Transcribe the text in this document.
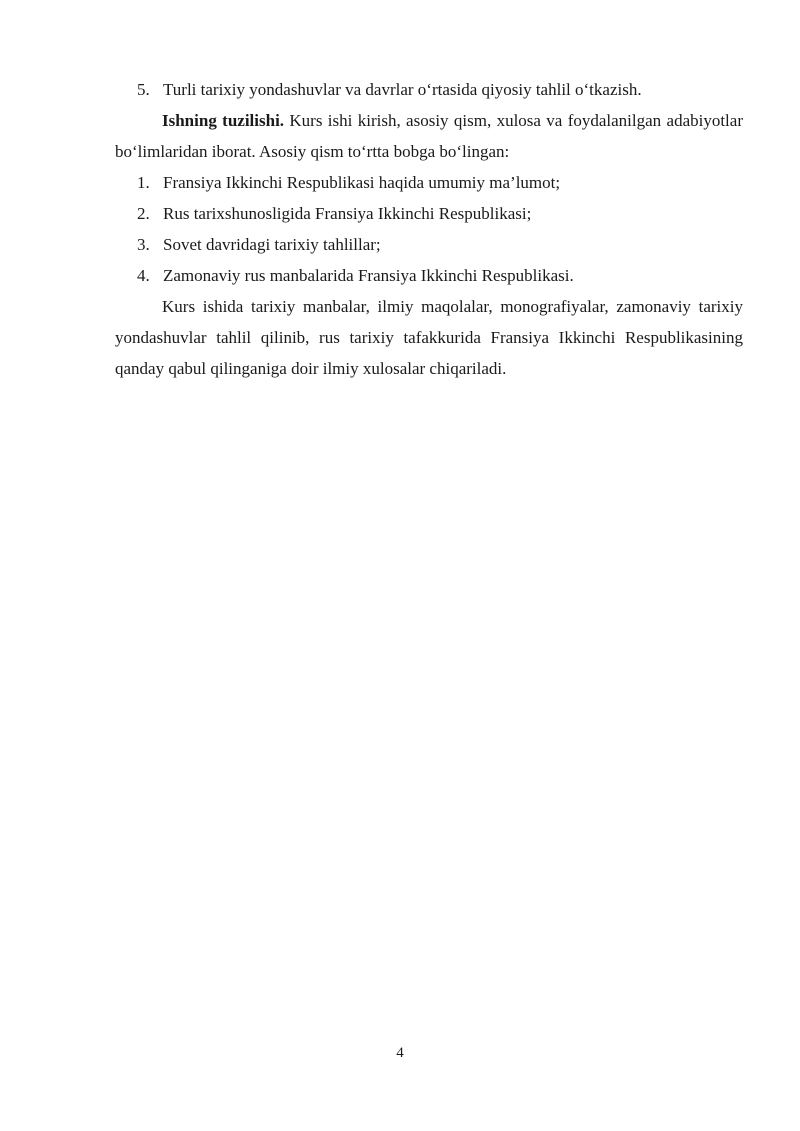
5. Turli tarixiy yondashuvlar va davrlar o‘rtasida qiyosiy tahlil o‘tkazish.

Ishning tuzilishi. Kurs ishi kirish, asosiy qism, xulosa va foydalanilgan adabiyotlar bo‘limlaridan iborat. Asosiy qism to‘rtta bobga bo‘lingan:

1. Fransiya Ikkinchi Respublikasi haqida umumiy ma’lumot;

2. Rus tarixshunosligida Fransiya Ikkinchi Respublikasi;

3. Sovet davridagi tarixiy tahlillar;

4. Zamonaviy rus manbalarida Fransiya Ikkinchi Respublikasi.

Kurs ishida tarixiy manbalar, ilmiy maqolalar, monografiyalar, zamonaviy tarixiy yondashuvlar tahlil qilinib, rus tarixiy tafakkurida Fransiya Ikkinchi Respublikasining qanday qabul qilinganiga doir ilmiy xulosalar chiqariladi.

4
